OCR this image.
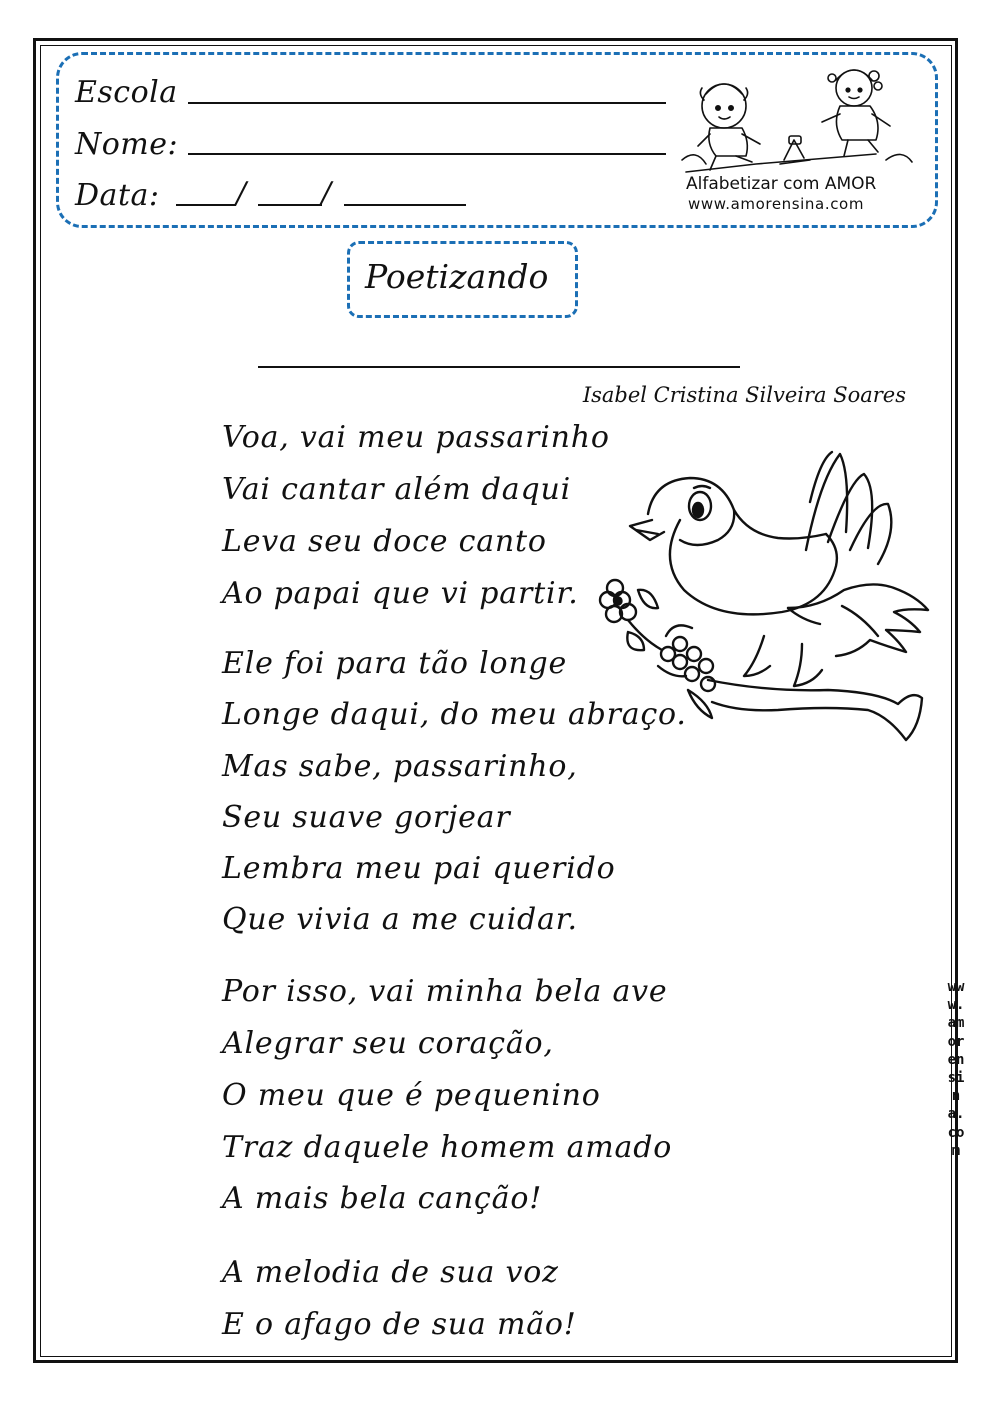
Escola
Nome:
Data:	/ /	Alfabetizar com AMOR
www.amorensina.com
Poetizando
Isabel Cristina Silveira Soares
Voa, vai meu passarinho
Vai cantar além daqui
Leva seu doce canto
Ao papai que vi partir.
Ele foi para tão longe
Longe daqui, do meu abraço.
Mas sabe, passarinho,
Seu suave gorjear
Lembra meu pai querido
Que vivia a me cuidar.
Por isso, vai minha bela ave
Alegrar seu coração,
O meu que é pequenino
Traz daquele homem amado
A mais bela canção!
A melodia de sua voz
E o afago de sua mão!
www.amorensina.com
